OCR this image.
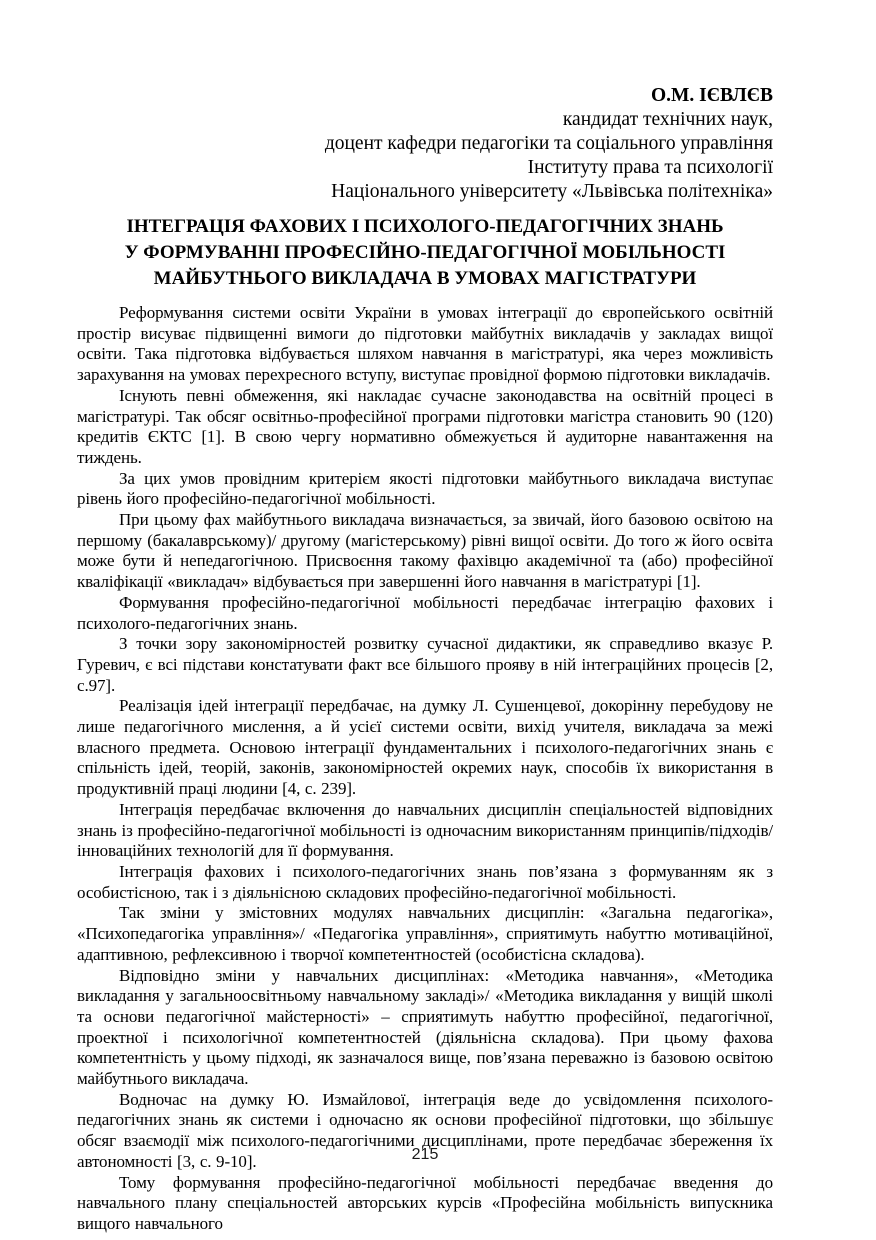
О.М. ІЄВЛЄВ
кандидат технічних наук,
доцент кафедри педагогіки та соціального управління
Інституту права та психології
Національного університету «Львівська політехніка»
ІНТЕГРАЦІЯ ФАХОВИХ І ПСИХОЛОГО-ПЕДАГОГІЧНИХ ЗНАНЬ
У ФОРМУВАННІ ПРОФЕСІЙНО-ПЕДАГОГІЧНОЇ МОБІЛЬНОСТІ
МАЙБУТНЬОГО ВИКЛАДАЧА В УМОВАХ МАГІСТРАТУРИ

Реформування системи освіти України в умовах інтеграції до європейського освітній простір висуває підвищенні вимоги до підготовки майбутніх викладачів у закладах вищої освіти. Така підготовка відбувається шляхом навчання в магістратурі, яка через можливість зарахування на умовах перехресного вступу, виступає провідної формою підготовки викладачів.

Існують певні обмеження, які накладає сучасне законодавства на освітній процесі в магістратурі. Так обсяг освітньо-професійної програми підготовки магістра становить 90 (120) кредитів ЄКТС [1]. В свою чергу нормативно обмежується й аудиторне навантаження на тиждень.

За цих умов провідним критерієм якості підготовки майбутнього викладача виступає рівень його професійно-педагогічної мобільності.

При цьому фах майбутнього викладача визначається, за звичай, його базовою освітою на першому (бакалаврському)/ другому (магістерському) рівні вищої освіти. До того ж його освіта може бути й непедагогічною. Присвоєння такому фахівцю академічної та (або) професійної кваліфікації «викладач» відбувається при завершенні його навчання в магістратурі [1].

Формування професійно-педагогічної мобільності передбачає інтеграцію фахових і психолого-педагогічних знань.

З точки зору закономірностей розвитку сучасної дидактики, як справедливо вказує Р. Гуревич, є всі підстави констатувати факт все більшого прояву в ній інтеграційних процесів [2, с.97].

Реалізація ідей інтеграції передбачає, на думку Л. Сушенцевої, докорінну перебудову не лише педагогічного мислення, а й усієї системи освіти, вихід учителя, викладача за межі власного предмета. Основою інтеграції фундаментальних і психолого-педагогічних знань є спільність ідей, теорій, законів, закономірностей окремих наук, способів їх використання в продуктивній праці людини [4, с. 239].

Інтеграція передбачає включення до навчальних дисциплін спеціальностей відповідних знань із професійно-педагогічної мобільності із одночасним використанням принципів/підходів/інноваційних технологій для її формування.

Інтеграція фахових і психолого-педагогічних знань пов’язана з формуванням як з особистісною, так і з діяльнісною складових професійно-педагогічної мобільності.

Так зміни у змістовних модулях навчальних дисциплін: «Загальна педагогіка», «Психопедагогіка управління»/ «Педагогіка управління», сприятимуть набуттю мотиваційної, адаптивною, рефлексивною і творчої компетентностей (особистісна складова).

Відповідно зміни у навчальних дисциплінах: «Методика навчання», «Методика викладання у загальноосвітньому навчальному закладі»/ «Методика викладання у вищій школі та основи педагогічної майстерності» – сприятимуть набуттю професійної, педагогічної, проектної і психологічної компетентностей (діяльнісна складова). При цьому фахова компетентність у цьому підході, як зазначалося вище, пов’язана переважно із базовою освітою майбутнього викладача.

Водночас на думку Ю. Измайлової, інтеграція веде до усвідомлення психолого-педагогічних знань як системи і одночасно як основи професійної підготовки, що збільшує обсяг взаємодії між психолого-педагогічними дисциплінами, проте передбачає збереження їх автономності [3, с. 9-10].

Тому формування професійно-педагогічної мобільності передбачає введення до навчального плану спеціальностей авторських курсів «Професійна мобільність випускника вищого навчального

215
